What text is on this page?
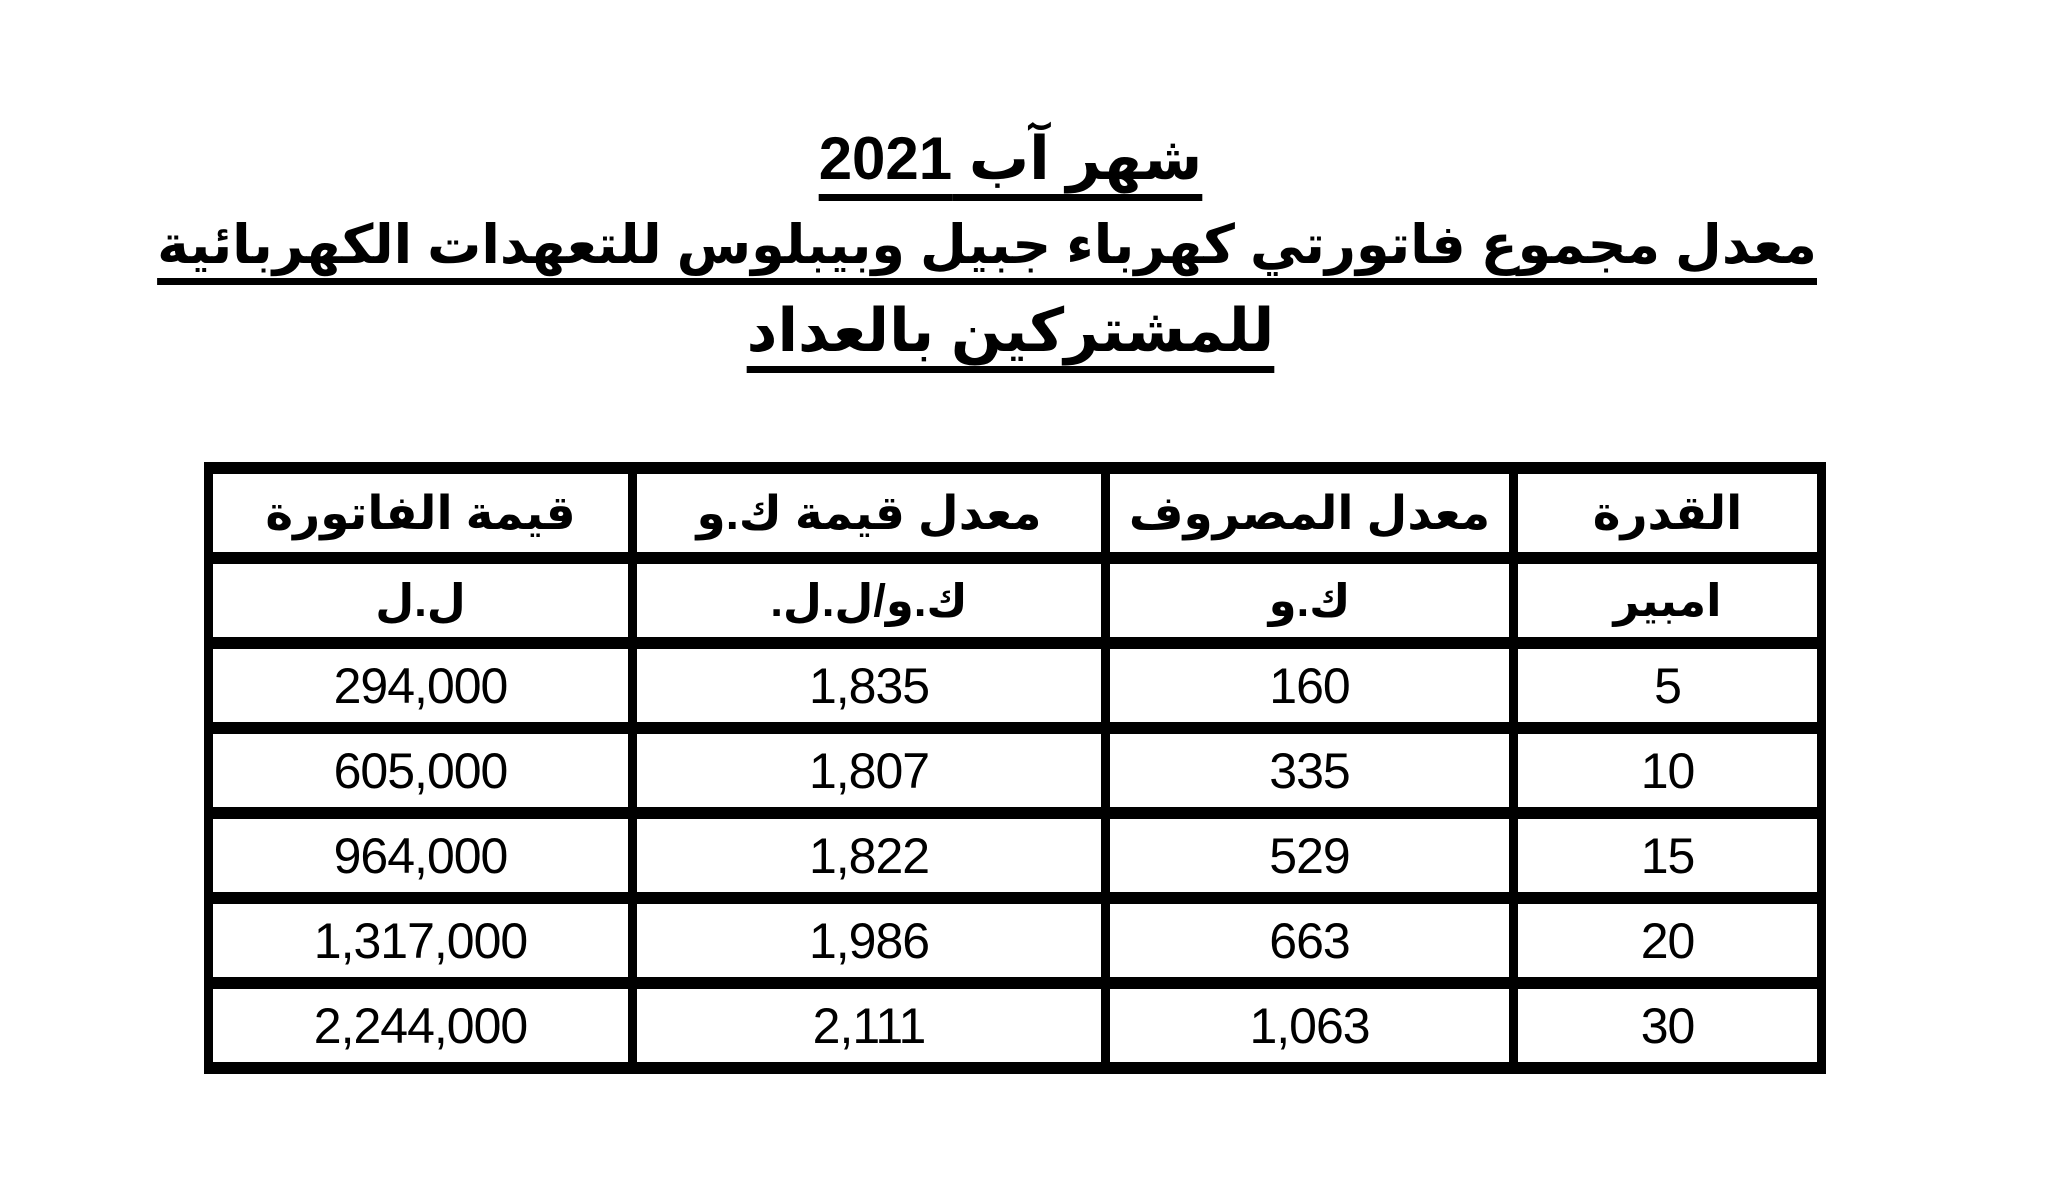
شهر آب 2021
معدل مجموع فاتورتي كهرباء جبيل وبيبلوس للتعهدات الكهربائية
للمشتركين بالعداد
القدرة	معدل المصروف	معدل قيمة ك.و	قيمة الفاتورة
امبير	ك.و	ك.و/ل.ل.	ل.ل
5	160	1,835	294,000
10	335	1,807	605,000
15	529	1,822	964,000
20	663	1,986	1,317,000
30	1,063	2,111	2,244,000
